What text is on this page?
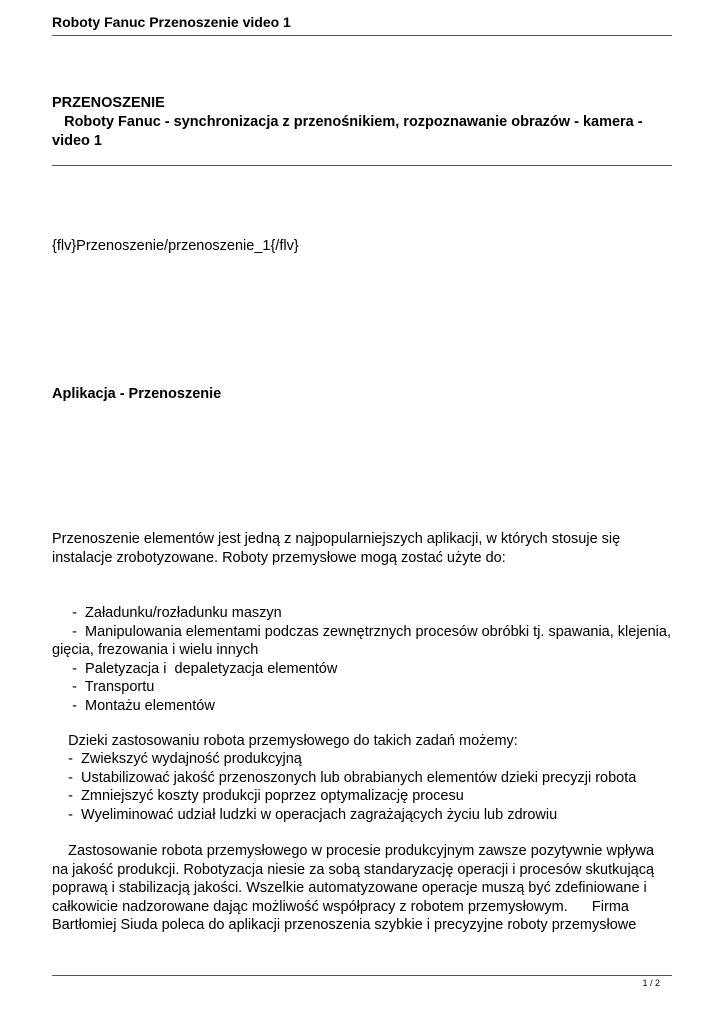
Roboty Fanuc Przenoszenie video 1
PRZENOSZENIE
Roboty Fanuc - synchronizacja z przenośnikiem, rozpoznawanie obrazów - kamera - video 1
{flv}Przenoszenie/przenoszenie_1{/flv}
Aplikacja - Przenoszenie
Przenoszenie elementów jest jedną z najpopularniejszych aplikacji, w których stosuje się instalacje zrobotyzowane. Roboty przemysłowe mogą zostać użyte do:
-  Załadunku/rozładunku maszyn
-  Manipulowania elementami podczas zewnętrznych procesów obróbki tj. spawania, klejenia, gięcia, frezowania i wielu innych
-  Paletyzacja i  depaletyzacja elementów
-  Transportu
-  Montażu elementów
Dzieki zastosowaniu robota przemysłowego do takich zadań możemy:
-  Zwiekszyć wydajność produkcyjną
-  Ustabilizować jakość przenoszonych lub obrabianych elementów dzieki precyzji robota
-  Zmniejszyć koszty produkcji poprzez optymalizację procesu
-  Wyeliminować udział ludzki w operacjach zagrażających życiu lub zdrowiu
Zastosowanie robota przemysłowego w procesie produkcyjnym zawsze pozytywnie wpływa na jakość produkcji. Robotyzacja niesie za sobą standaryzację operacji i procesów skutkującą poprawą i stabilizacją jakości. Wszelkie automatyzowane operacje muszą być zdefiniowane i całkowicie nadzorowane dając możliwość współpracy z robotem przemysłowym.      Firma Bartłomiej Siuda poleca do aplikacji przenoszenia szybkie i precyzyjne roboty przemysłowe
1 / 2
